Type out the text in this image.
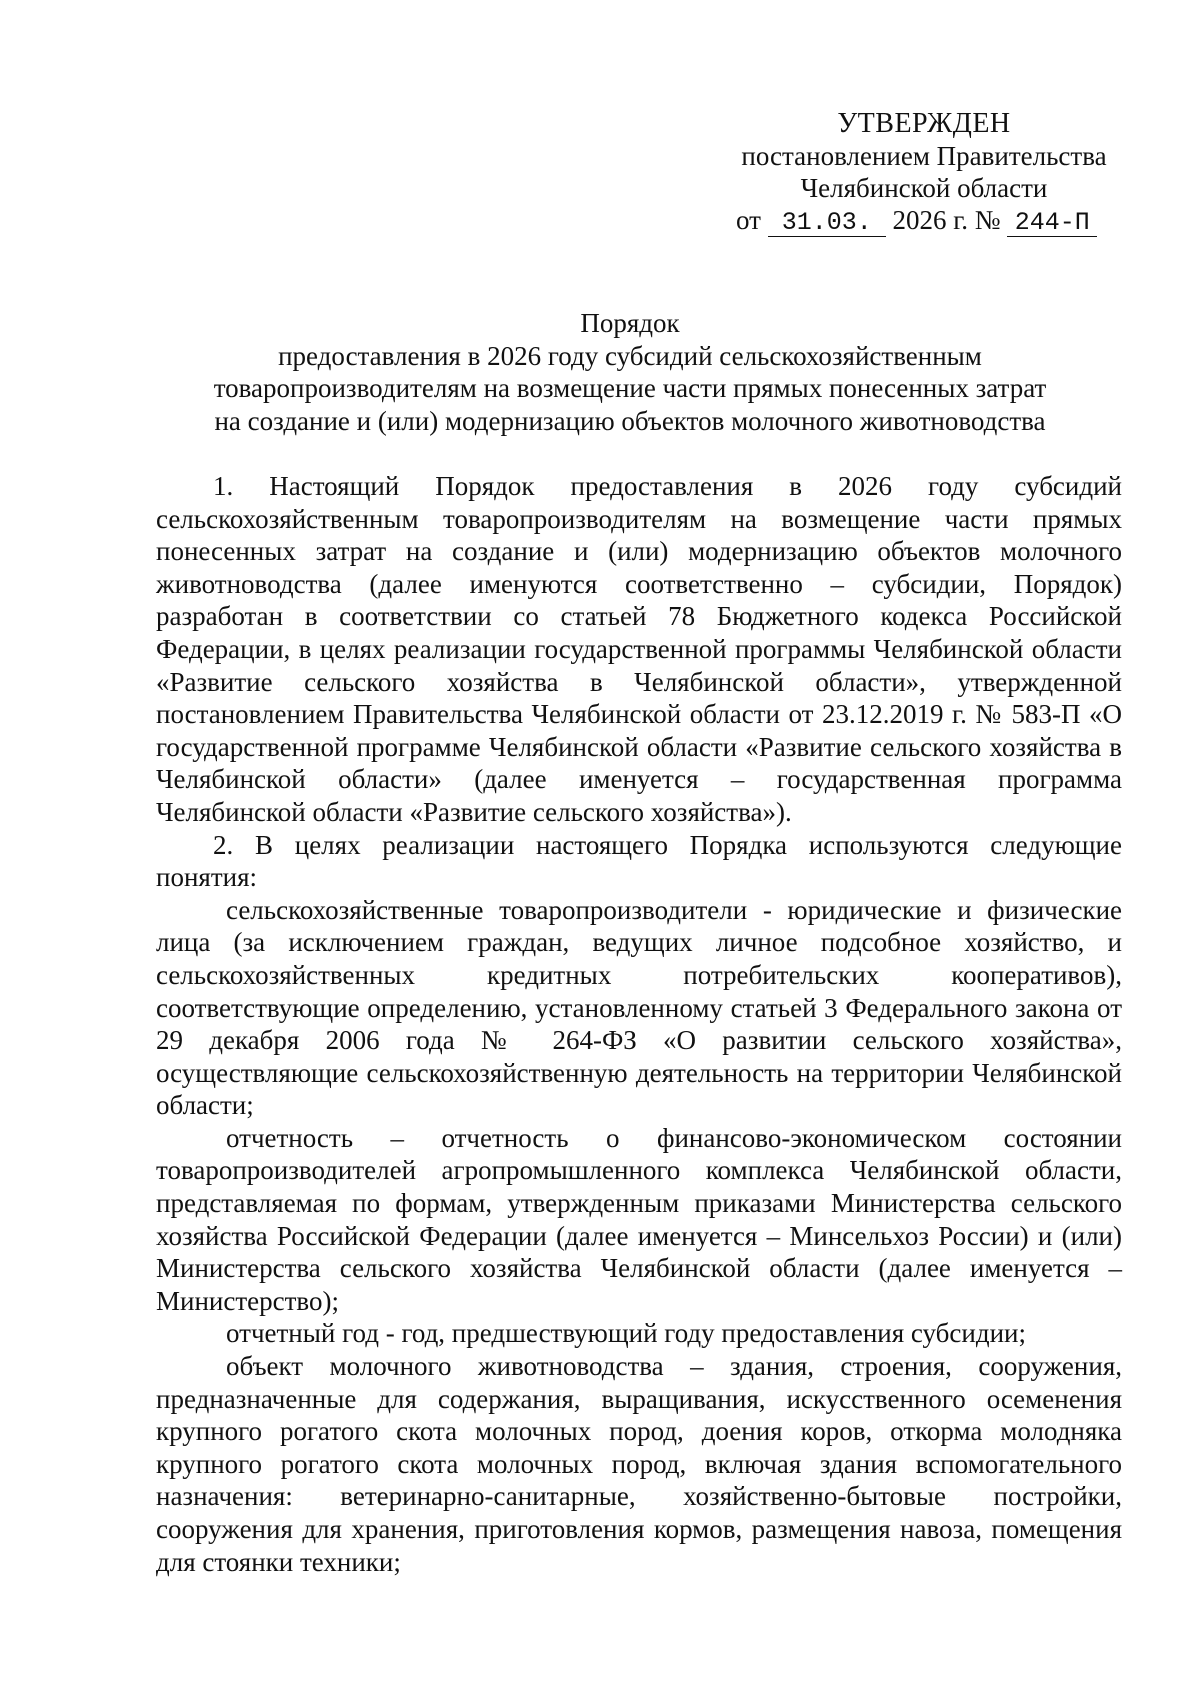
УТВЕРЖДЕН
постановлением Правительства
Челябинской области
от 31.03. 2026 г. № 244-П
Порядок
предоставления в 2026 году субсидий сельскохозяйственным
товаропроизводителям на возмещение части прямых понесенных затрат
на создание и (или) модернизацию объектов молочного животноводства

1. Настоящий Порядок предоставления в 2026 году субсидий сельскохозяйственным товаропроизводителям на возмещение части прямых понесенных затрат на создание и (или) модернизацию объектов молочного животноводства (далее именуются соответственно – субсидии, Порядок) разработан в соответствии со статьей 78 Бюджетного кодекса Российской Федерации, в целях реализации государственной программы Челябинской области «Развитие сельского хозяйства в Челябинской области», утвержденной постановлением Правительства Челябинской области от 23.12.2019 г. № 583-П «О государственной программе Челябинской области «Развитие сельского хозяйства в Челябинской области» (далее именуется – государственная программа Челябинской области «Развитие сельского хозяйства»).

2. В целях реализации настоящего Порядка используются следующие понятия:

сельскохозяйственные товаропроизводители - юридические и физические лица (за исключением граждан, ведущих личное подсобное хозяйство, и сельскохозяйственных кредитных потребительских кооперативов), соответствующие определению, установленному статьей 3 Федерального закона от 29 декабря 2006 года № 264-ФЗ «О развитии сельского хозяйства», осуществляющие сельскохозяйственную деятельность на территории Челябинской области;

отчетность – отчетность о финансово-экономическом состоянии товаропроизводителей агропромышленного комплекса Челябинской области, представляемая по формам, утвержденным приказами Министерства сельского хозяйства Российской Федерации (далее именуется – Минсельхоз России) и (или) Министерства сельского хозяйства Челябинской области (далее именуется – Министерство);

отчетный год - год, предшествующий году предоставления субсидии;

объект молочного животноводства – здания, строения, сооружения, предназначенные для содержания, выращивания, искусственного осеменения крупного рогатого скота молочных пород, доения коров, откорма молодняка крупного рогатого скота молочных пород, включая здания вспомогательного назначения: ветеринарно-санитарные, хозяйственно-бытовые постройки, сооружения для хранения, приготовления кормов, размещения навоза, помещения для стоянки техники;
